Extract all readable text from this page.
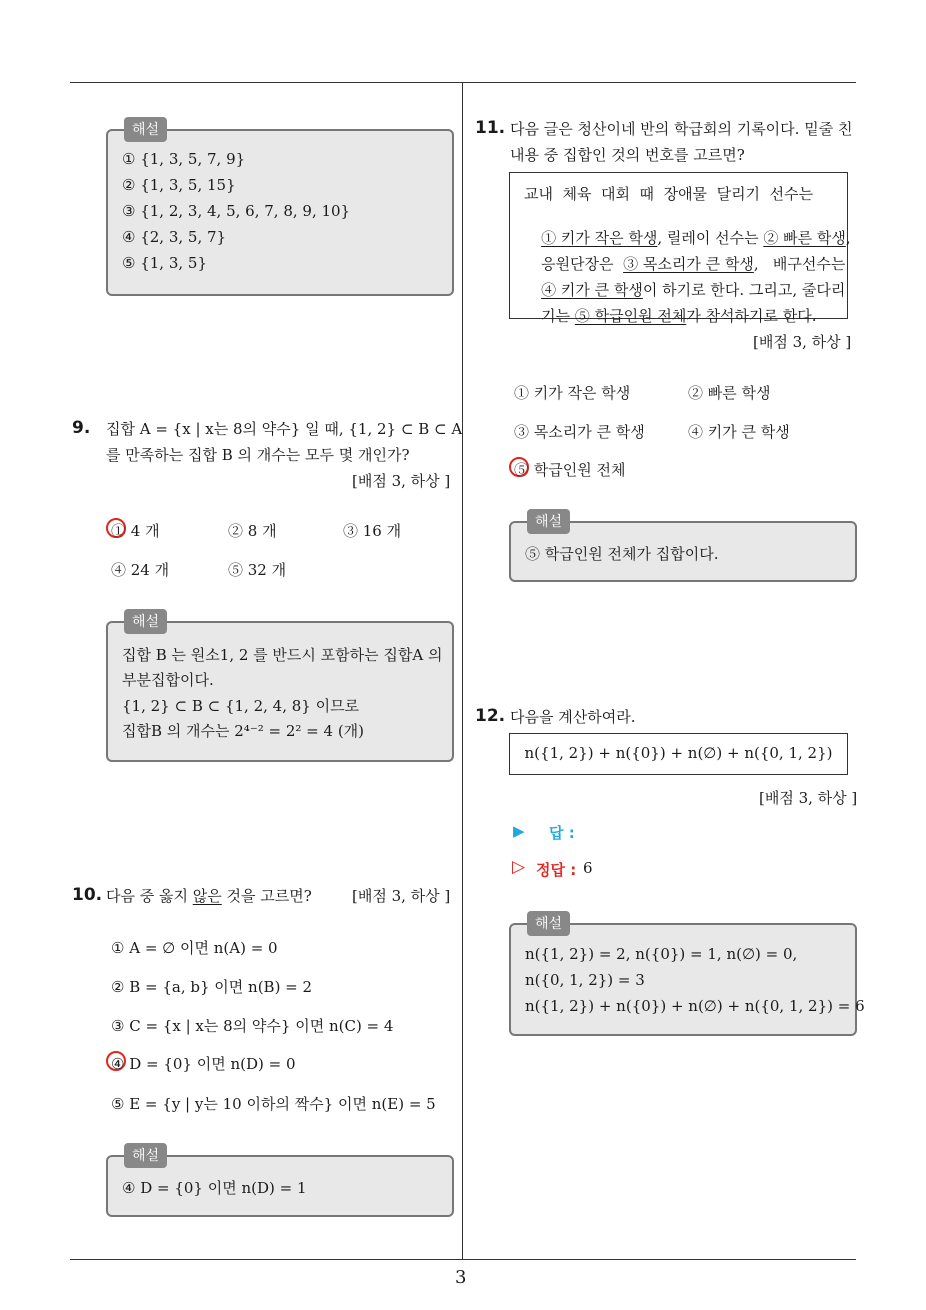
3
해설
① {1, 3, 5, 7, 9}
② {1, 3, 5, 15}
③ {1, 2, 3, 4, 5, 6, 7, 8, 9, 10}
④ {2, 3, 5, 7}
⑤ {1, 3, 5}
9. 집합 A = {x | x는 8의 약수} 일 때, {1, 2} ⊂ B ⊂ A
를 만족하는 집합 B 의 개수는 모두 몇 개인가?
[배점 3, 하상 ]
① 4 개	② 8 개	③ 16 개
④ 24 개	⑤ 32 개
해설
집합 B 는 원소1, 2 를 반드시 포함하는 집합A 의
부분집합이다.
{1, 2} ⊂ B ⊂ {1, 2, 4, 8} 이므로
집합B 의 개수는 2⁴⁻² = 2² = 4 (개)
10. 다음 중 옳지 않은 것을 고르면?	[배점 3, 하상 ]
① A = ∅ 이면 n(A) = 0
② B = {a, b} 이면 n(B) = 2
③ C = {x | x는 8의 약수} 이면 n(C) = 4
④ D = {0} 이면 n(D) = 0
⑤ E = {y | y는 10 이하의 짝수} 이면 n(E) = 5
해설
④ D = {0} 이면 n(D) = 1
11. 다음 글은 청산이네 반의 학급회의 기록이다. 밑줄 친
내용 중 집합인 것의 번호를 고르면?
교내  체육  대회  때  장애물  달리기  선수는

① 키가 작은 학생, 릴레이 선수는 ② 빠른 학생,

응원단장은  ③ 목소리가 큰 학생,   배구선수는

④ 키가 큰 학생이 하기로 한다. 그리고, 줄다리

기는 ⑤ 학급인원 전체가 참석하기로 한다.

[배점 3, 하상 ]
① 키가 작은 학생	② 빠른 학생
③ 목소리가 큰 학생	④ 키가 큰 학생
⑤ 학급인원 전체
해설
⑤ 학급인원 전체가 집합이다.
12. 다음을 계산하여라.
n({1, 2}) + n({0}) + n(∅) + n({0, 1, 2})
[배점 3, 하상 ]
▶ 답 :
▷ 정답 : 6
해설
n({1, 2}) = 2, n({0}) = 1, n(∅) = 0,
n({0, 1, 2}) = 3
n({1, 2}) + n({0}) + n(∅) + n({0, 1, 2}) = 6
